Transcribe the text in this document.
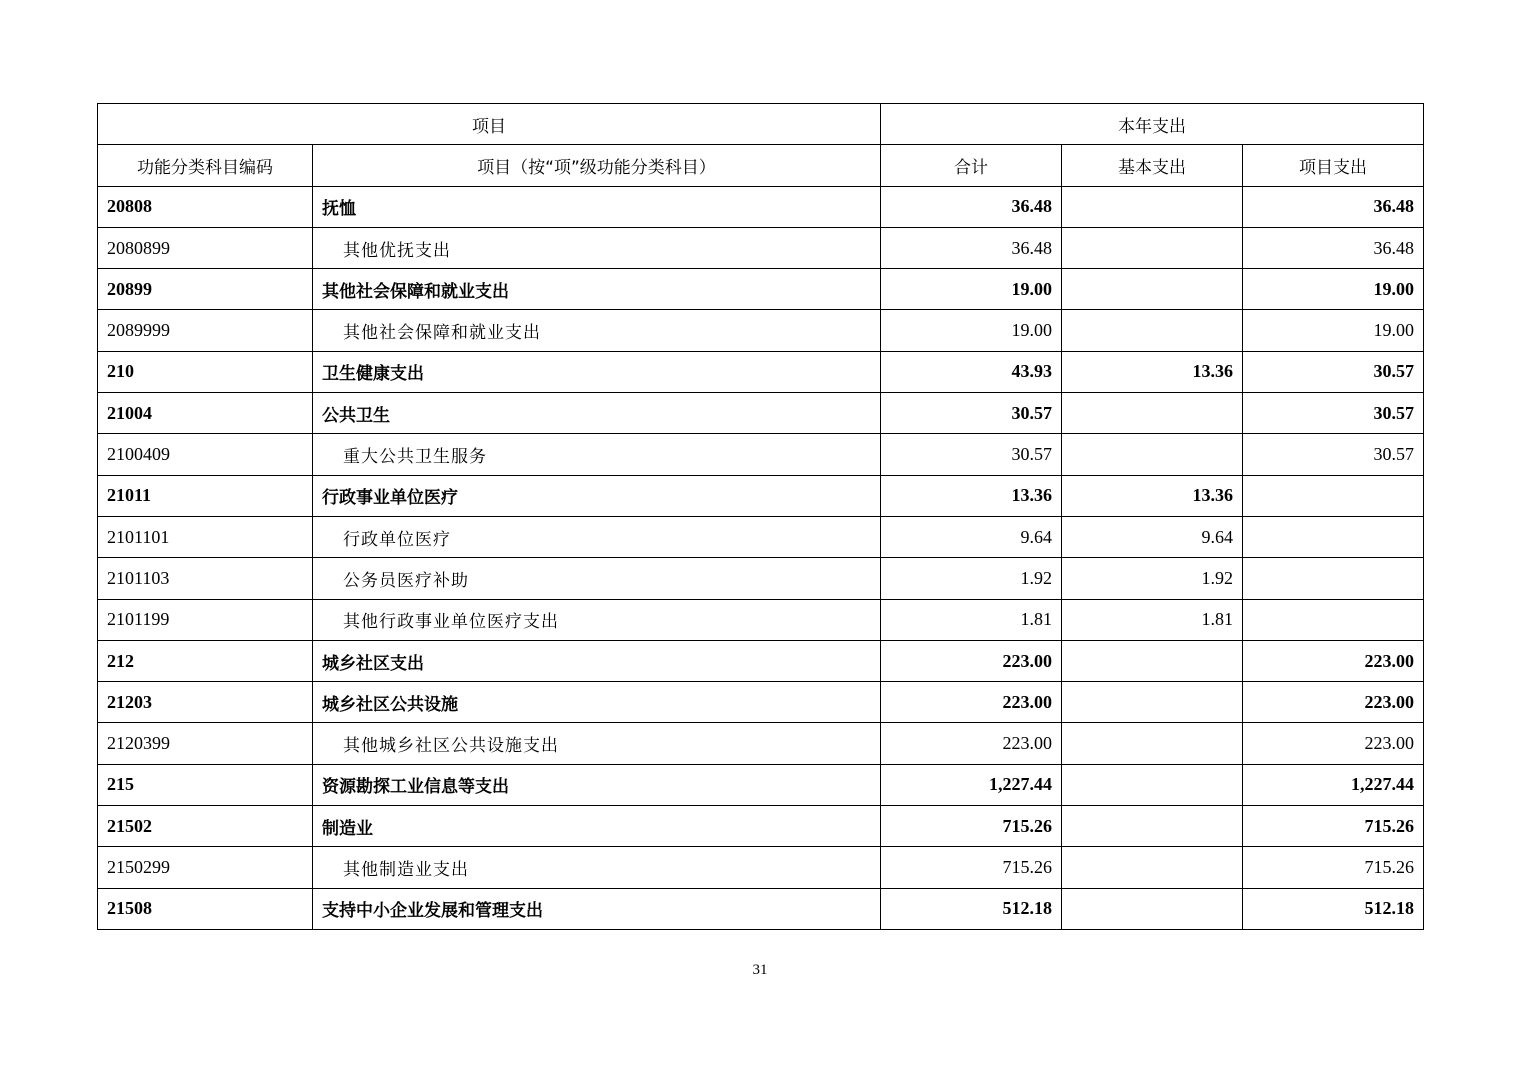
项目		本年支出		
功能分类科目编码	项目（按“项”级功能分类科目）	合计	基本支出	项目支出
20808	抚恤	36.48		36.48
2080899	其他优抚支出	36.48		36.48
20899	其他社会保障和就业支出	19.00		19.00
2089999	其他社会保障和就业支出	19.00		19.00
210	卫生健康支出	43.93	13.36	30.57
21004	公共卫生	30.57		30.57
2100409	重大公共卫生服务	30.57		30.57
21011	行政事业单位医疗	13.36	13.36	
2101101	行政单位医疗	9.64	9.64	
2101103	公务员医疗补助	1.92	1.92	
2101199	其他行政事业单位医疗支出	1.81	1.81	
212	城乡社区支出	223.00		223.00
21203	城乡社区公共设施	223.00		223.00
2120399	其他城乡社区公共设施支出	223.00		223.00
215	资源勘探工业信息等支出	1,227.44		1,227.44
21502	制造业	715.26		715.26
2150299	其他制造业支出	715.26		715.26
21508	支持中小企业发展和管理支出	512.18		512.18
31
